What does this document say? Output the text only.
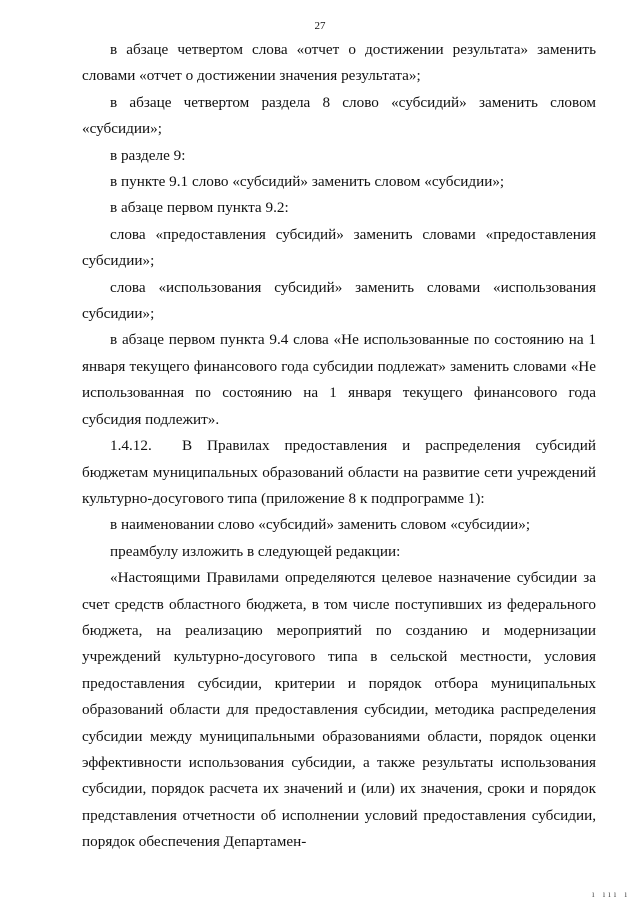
27

в абзаце четвертом слова «отчет о достижении результата» заменить словами «отчет о достижении значения результата»;

в абзаце четвертом раздела 8 слово «субсидий» заменить словом «субсидии»;

в разделе 9:

в пункте 9.1 слово «субсидий» заменить словом «субсидии»;

в абзаце первом пункта 9.2:

слова «предоставления субсидий» заменить словами «предоставления субсидии»;

слова «использования субсидий» заменить словами «использования субсидии»;

в абзаце первом пункта 9.4 слова «Не использованные по состоянию на 1 января текущего финансового года субсидии подлежат» заменить словами «Не использованная по состоянию на 1 января текущего финансового года субсидия подлежит».

1.4.12. В Правилах предоставления и распределения субсидий бюджетам муниципальных образований области на развитие сети учреждений культурно-досугового типа (приложение 8 к подпрограмме 1):

в наименовании слово «субсидий» заменить словом «субсидии»;

преамбулу изложить в следующей редакции:

«Настоящими Правилами определяются целевое назначение субсидии за счет средств областного бюджета, в том числе поступивших из федерального бюджета, на реализацию мероприятий по созданию и модернизации учреждений культурно-досугового типа в сельской местности, условия предоставления субсидии, критерии и порядок отбора муниципальных образований области для предоставления субсидии, методика распределения субсидии между муниципальными образованиями области, порядок оценки эффективности использования субсидии, а также результаты использования субсидии, порядок расчета их значений и (или) их значения, сроки и порядок представления отчетности об исполнении условий предоставления субсидии, порядок обеспечения Департамен-

ı ııı ı
